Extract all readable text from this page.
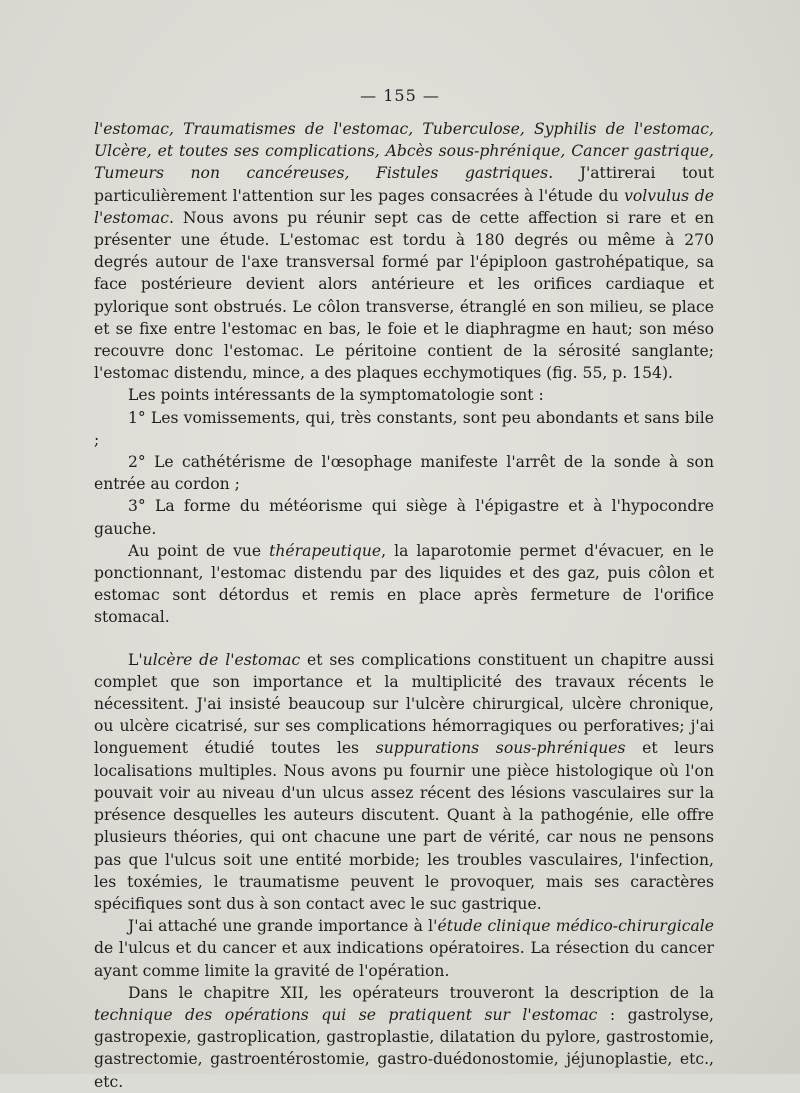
— 155 —

l'estomac, Traumatismes de l'estomac, Tuberculose, Syphilis de l'estomac, Ulcère, et toutes ses complications, Abcès sous-phrénique, Cancer gastrique, Tumeurs non cancéreuses, Fistules gastriques. J'attirerai tout particulièrement l'attention sur les pages consacrées à l'étude du volvulus de l'estomac. Nous avons pu réunir sept cas de cette affection si rare et en présenter une étude. L'estomac est tordu à 180 degrés ou même à 270 degrés autour de l'axe transversal formé par l'épiploon gastrohépatique, sa face postérieure devient alors antérieure et les orifices cardiaque et pylorique sont obstrués. Le côlon transverse, étranglé en son milieu, se place et se fixe entre l'estomac en bas, le foie et le diaphragme en haut; son méso recouvre donc l'estomac. Le péritoine contient de la sérosité sanglante; l'estomac distendu, mince, a des plaques ecchymotiques (fig. 55, p. 154).

Les points intéressants de la symptomatologie sont :

1° Les vomissements, qui, très constants, sont peu abondants et sans bile ;

2° Le cathétérisme de l'œsophage manifeste l'arrêt de la sonde à son entrée au cordon ;

3° La forme du météorisme qui siège à l'épigastre et à l'hypocondre gauche.

Au point de vue thérapeutique, la laparotomie permet d'évacuer, en le ponctionnant, l'estomac distendu par des liquides et des gaz, puis côlon et estomac sont détordus et remis en place après fermeture de l'orifice stomacal.

L'ulcère de l'estomac et ses complications constituent un chapitre aussi complet que son importance et la multiplicité des travaux récents le nécessitent. J'ai insisté beaucoup sur l'ulcère chirurgical, ulcère chronique, ou ulcère cicatrisé, sur ses complications hémorragiques ou perforatives; j'ai longuement étudié toutes les suppurations sous-phréniques et leurs localisations multiples. Nous avons pu fournir une pièce histologique où l'on pouvait voir au niveau d'un ulcus assez récent des lésions vasculaires sur la présence desquelles les auteurs discutent. Quant à la pathogénie, elle offre plusieurs théories, qui ont chacune une part de vérité, car nous ne pensons pas que l'ulcus soit une entité morbide; les troubles vasculaires, l'infection, les toxémies, le traumatisme peuvent le provoquer, mais ses caractères spécifiques sont dus à son contact avec le suc gastrique.

J'ai attaché une grande importance à l'étude clinique médico-chirurgicale de l'ulcus et du cancer et aux indications opératoires. La résection du cancer ayant comme limite la gravité de l'opération.

Dans le chapitre XII, les opérateurs trouveront la description de la technique des opérations qui se pratiquent sur l'estomac : gastrolyse, gastropexie, gastroplication, gastroplastie, dilatation du pylore, gastrostomie, gastrectomie, gastroentérostomie, gastro-duédonostomie, jéjunoplastie, etc., etc.
